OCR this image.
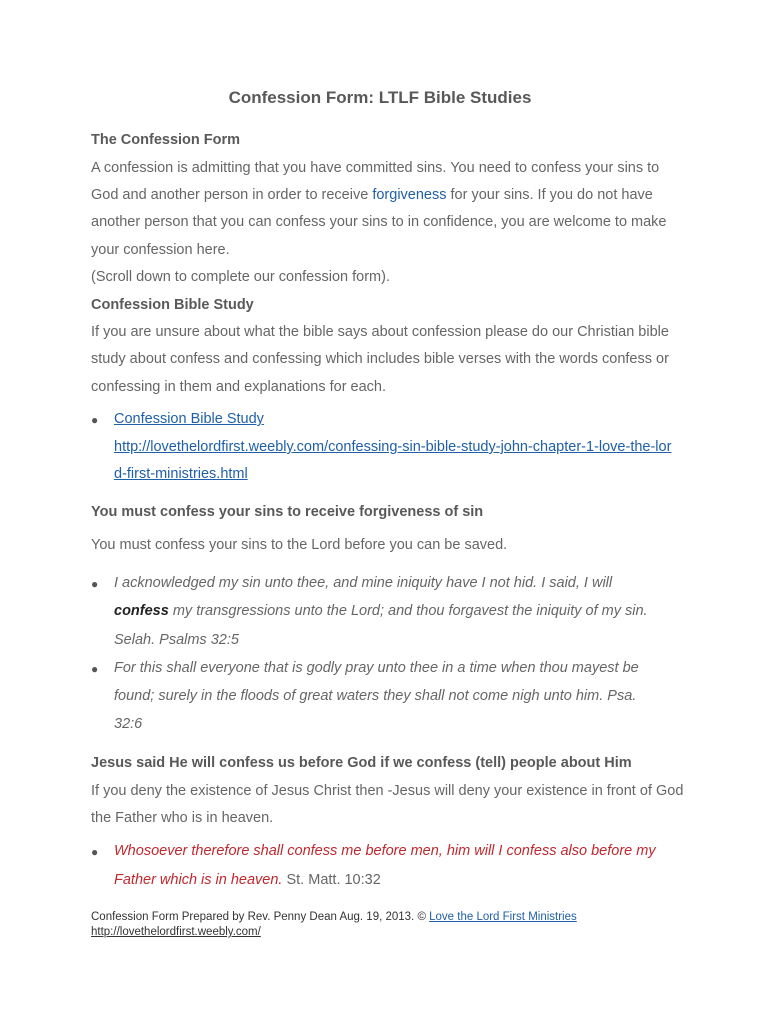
Confession Form: LTLF Bible Studies
The Confession Form
A confession is admitting that you have committed sins. You need to confess your sins to
God and another person in order to receive forgiveness for your sins. If you do not have
another person that you can confess your sins to in confidence, you are welcome to make
your confession here.
(Scroll down to complete our confession form).
Confession Bible Study
If you are unsure about what the bible says about confession please do our Christian bible
study about confess and confessing which includes bible verses with the words confess or
confessing in them and explanations for each.
● Confession Bible Study
http://lovethelordfirst.weebly.com/confessing-sin-bible-study-john-chapter-1-love-the-lor
d-first-ministries.html
You must confess your sins to receive forgiveness of sin
You must confess your sins to the Lord before you can be saved.
● I acknowledged my sin unto thee, and mine iniquity have I not hid. I said, I will
confess my transgressions unto the Lord; and thou forgavest the iniquity of my sin.
Selah. Psalms 32:5
● For this shall everyone that is godly pray unto thee in a time when thou mayest be
found; surely in the floods of great waters they shall not come nigh unto him. Psa.
32:6
Jesus said He will confess us before God if we confess (tell) people about Him
If you deny the existence of Jesus Christ then -Jesus will deny your existence in front of God
the Father who is in heaven.
● Whosoever therefore shall confess me before men, him will I confess also before my
Father which is in heaven. St. Matt. 10:32
Confession Form Prepared by Rev. Penny Dean Aug. 19, 2013. © Love the Lord First Ministries
http://lovethelordfirst.weebly.com/
